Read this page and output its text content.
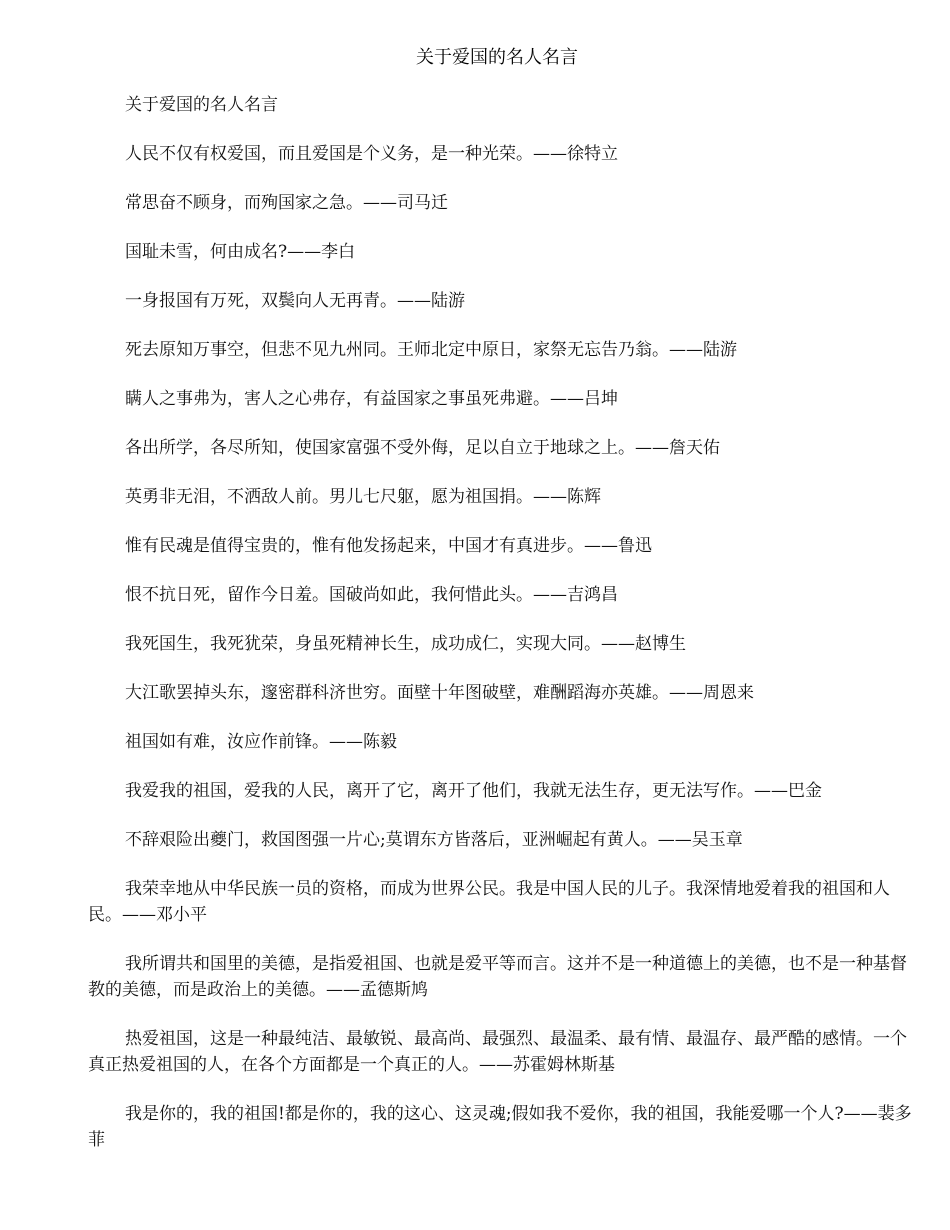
关于爱国的名人名言

关于爱国的名人名言

人民不仅有权爱国，而且爱国是个义务，是一种光荣。——徐特立

常思奋不顾身，而殉国家之急。——司马迁

国耻未雪，何由成名?——李白

一身报国有万死，双鬓向人无再青。——陆游

死去原知万事空，但悲不见九州同。王师北定中原日，家祭无忘告乃翁。——陆游

瞒人之事弗为，害人之心弗存，有益国家之事虽死弗避。——吕坤

各出所学，各尽所知，使国家富强不受外侮，足以自立于地球之上。——詹天佑

英勇非无泪，不洒敌人前。男儿七尺躯，愿为祖国捐。——陈辉

惟有民魂是值得宝贵的，惟有他发扬起来，中国才有真进步。——鲁迅

恨不抗日死，留作今日羞。国破尚如此，我何惜此头。——吉鸿昌

我死国生，我死犹荣，身虽死精神长生，成功成仁，实现大同。——赵博生

大江歌罢掉头东，邃密群科济世穷。面壁十年图破壁，难酬蹈海亦英雄。——周恩来

祖国如有难，汝应作前锋。——陈毅

我爱我的祖国，爱我的人民，离开了它，离开了他们，我就无法生存，更无法写作。——巴金

不辞艰险出夔门，救国图强一片心;莫谓东方皆落后，亚洲崛起有黄人。——吴玉章

我荣幸地从中华民族一员的资格，而成为世界公民。我是中国人民的儿子。我深情地爱着我的祖国和人民。——邓小平

我所谓共和国里的美德，是指爱祖国、也就是爱平等而言。这并不是一种道德上的美德，也不是一种基督教的美德，而是政治上的美德。——孟德斯鸠

热爱祖国，这是一种最纯洁、最敏锐、最高尚、最强烈、最温柔、最有情、最温存、最严酷的感情。一个真正热爱祖国的人，在各个方面都是一个真正的人。——苏霍姆林斯基

我是你的，我的祖国!都是你的，我的这心、这灵魂;假如我不爱你，我的祖国，我能爱哪一个人?——裴多菲
